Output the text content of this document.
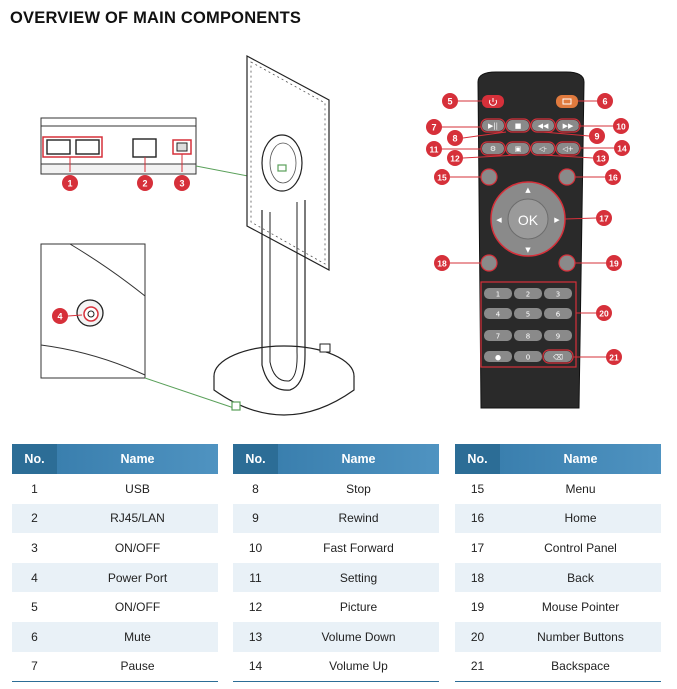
OVERVIEW OF MAIN COMPONENTS
▶|| ■ ◀◀ ▶▶
⚙	▣	◁- ◁+
▲
▼
◀	▶
1	2	3
4
5	6
7
8	9
10
11
12	13
14
15	16
17
18	19
20
21
OK
1	2	3
4	5	6
7	8	9
●	0	⌫
No.	Name
1	USB
2	RJ45/LAN
3	ON/OFF
4	Power Port
5	ON/OFF
6	Mute
7	Pause
No.	Name
8	Stop
9	Rewind
10	Fast Forward
11	Setting
12	Picture
13	Volume Down
14	Volume Up
No.	Name
15	Menu
16	Home
17	Control Panel
18	Back
19	Mouse Pointer
20	Number Buttons
21	Backspace
